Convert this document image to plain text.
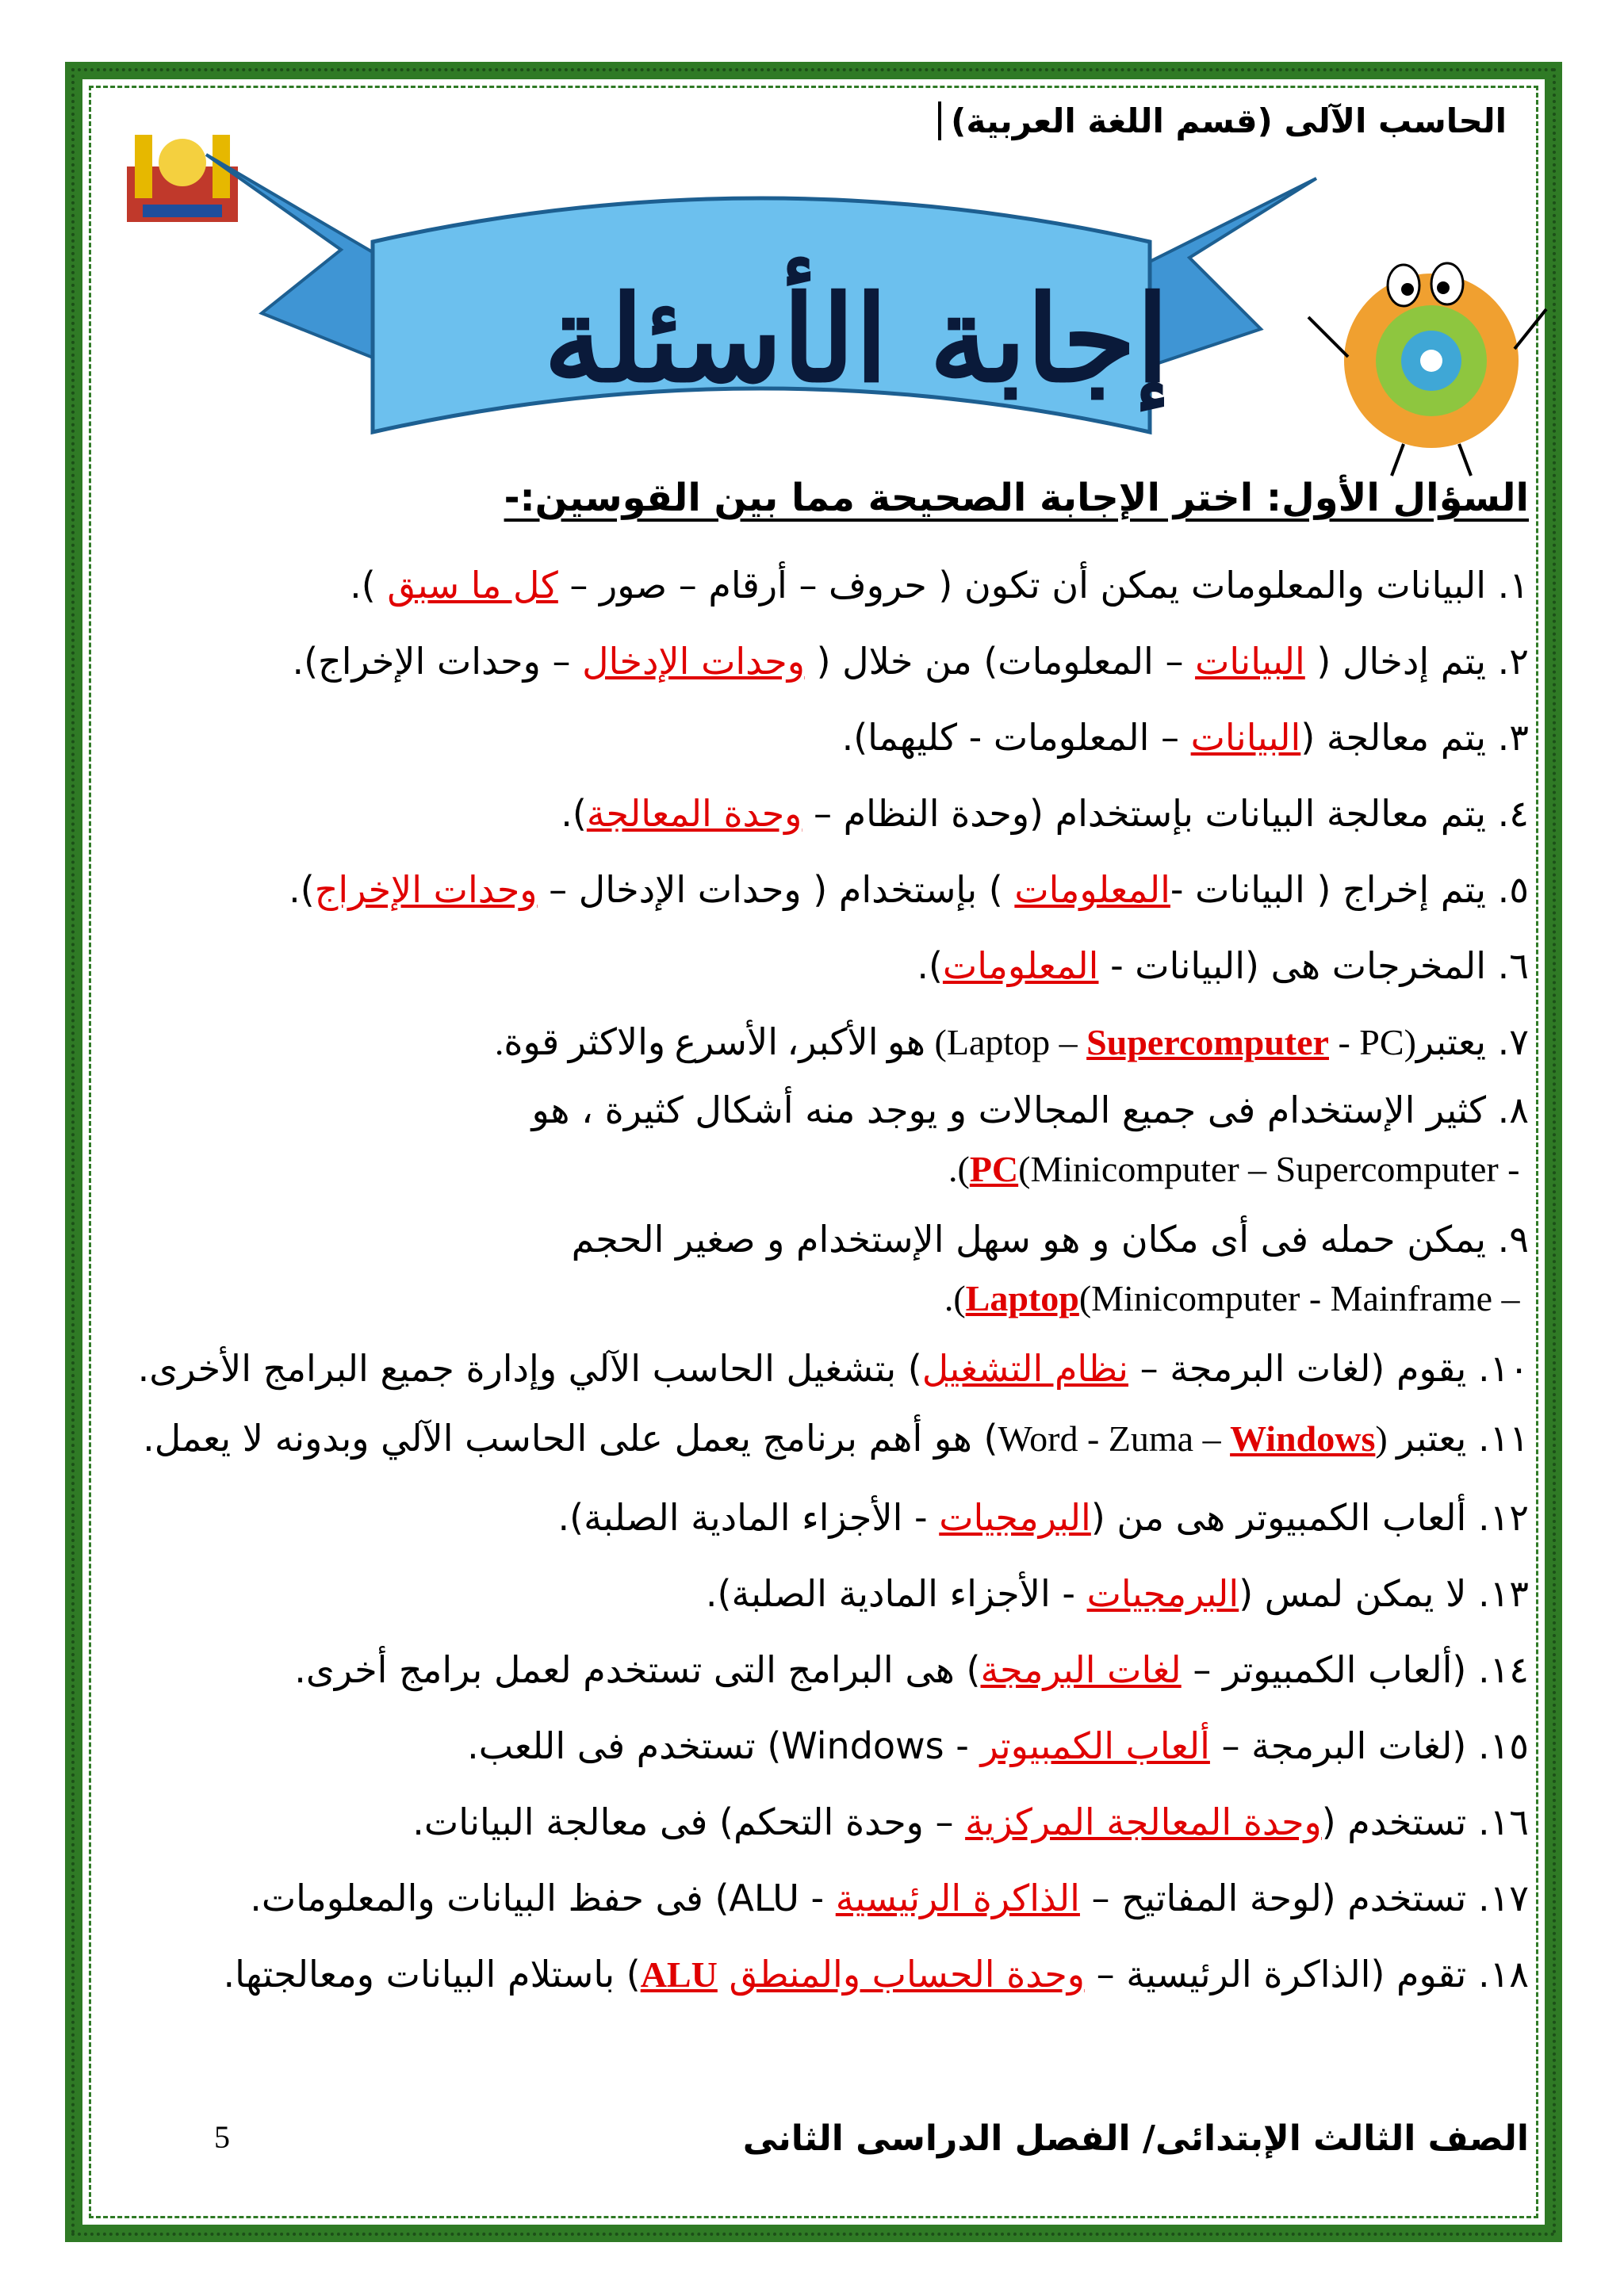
الحاسب الآلى (قسم اللغة العربية)
إجابة الأسئلة
السؤال الأول: اختر الإجابة الصحيحة مما بين القوسين:-
١. البيانات والمعلومات يمكن أن تكون ( حروف – أرقام – صور – كل ما سبق ).
٢. يتم إدخال ( البيانات – المعلومات) من خلال ( وحدات الإدخال – وحدات الإخراج).
٣. يتم معالجة (البيانات – المعلومات - كليهما).
٤. يتم معالجة البيانات بإستخدام (وحدة النظام – وحدة المعالجة).
٥. يتم إخراج ( البيانات -المعلومات ) بإستخدام ( وحدات الإدخال – وحدات الإخراج).
٦. المخرجات هى (البيانات - المعلومات).
٧. يعتبر(Laptop – Supercomputer - PC) هو الأكبر، الأسرع والاكثر قوة.
٨. كثير الإستخدام فى جميع المجالات و يوجد منه أشكال كثيرة ، هو
(Minicomputer – Supercomputer - PC).
٩. يمكن حمله فى أى مكان و هو سهل الإستخدام و صغير الحجم
(Minicomputer - Mainframe – Laptop).
١٠. يقوم (لغات البرمجة – نظام التشغيل) بتشغيل الحاسب الآلي وإدارة جميع البرامج الأخرى.
١١. يعتبر (Word - Zuma – Windows) هو أهم برنامج يعمل على الحاسب الآلي وبدونه لا يعمل.
١٢. ألعاب الكمبيوتر هى من (البرمجيات - الأجزاء المادية الصلبة).
١٣. لا يمكن لمس (البرمجيات - الأجزاء المادية الصلبة).
١٤. (ألعاب الكمبيوتر – لغات البرمجة) هى البرامج التى تستخدم لعمل برامج أخرى.
١٥. (لغات البرمجة – ألعاب الكمبيوتر - Windows) تستخدم فى اللعب.
١٦. تستخدم (وحدة المعالجة المركزية – وحدة التحكم) فى معالجة البيانات.
١٧. تستخدم (لوحة المفاتيح – الذاكرة الرئيسية - ALU) فى حفظ البيانات والمعلومات.
١٨. تقوم (الذاكرة الرئيسية – وحدة الحساب والمنطق ALU) باستلام البيانات ومعالجتها.
الصف الثالث الإبتدائى/ الفصل الدراسى الثانى
5
